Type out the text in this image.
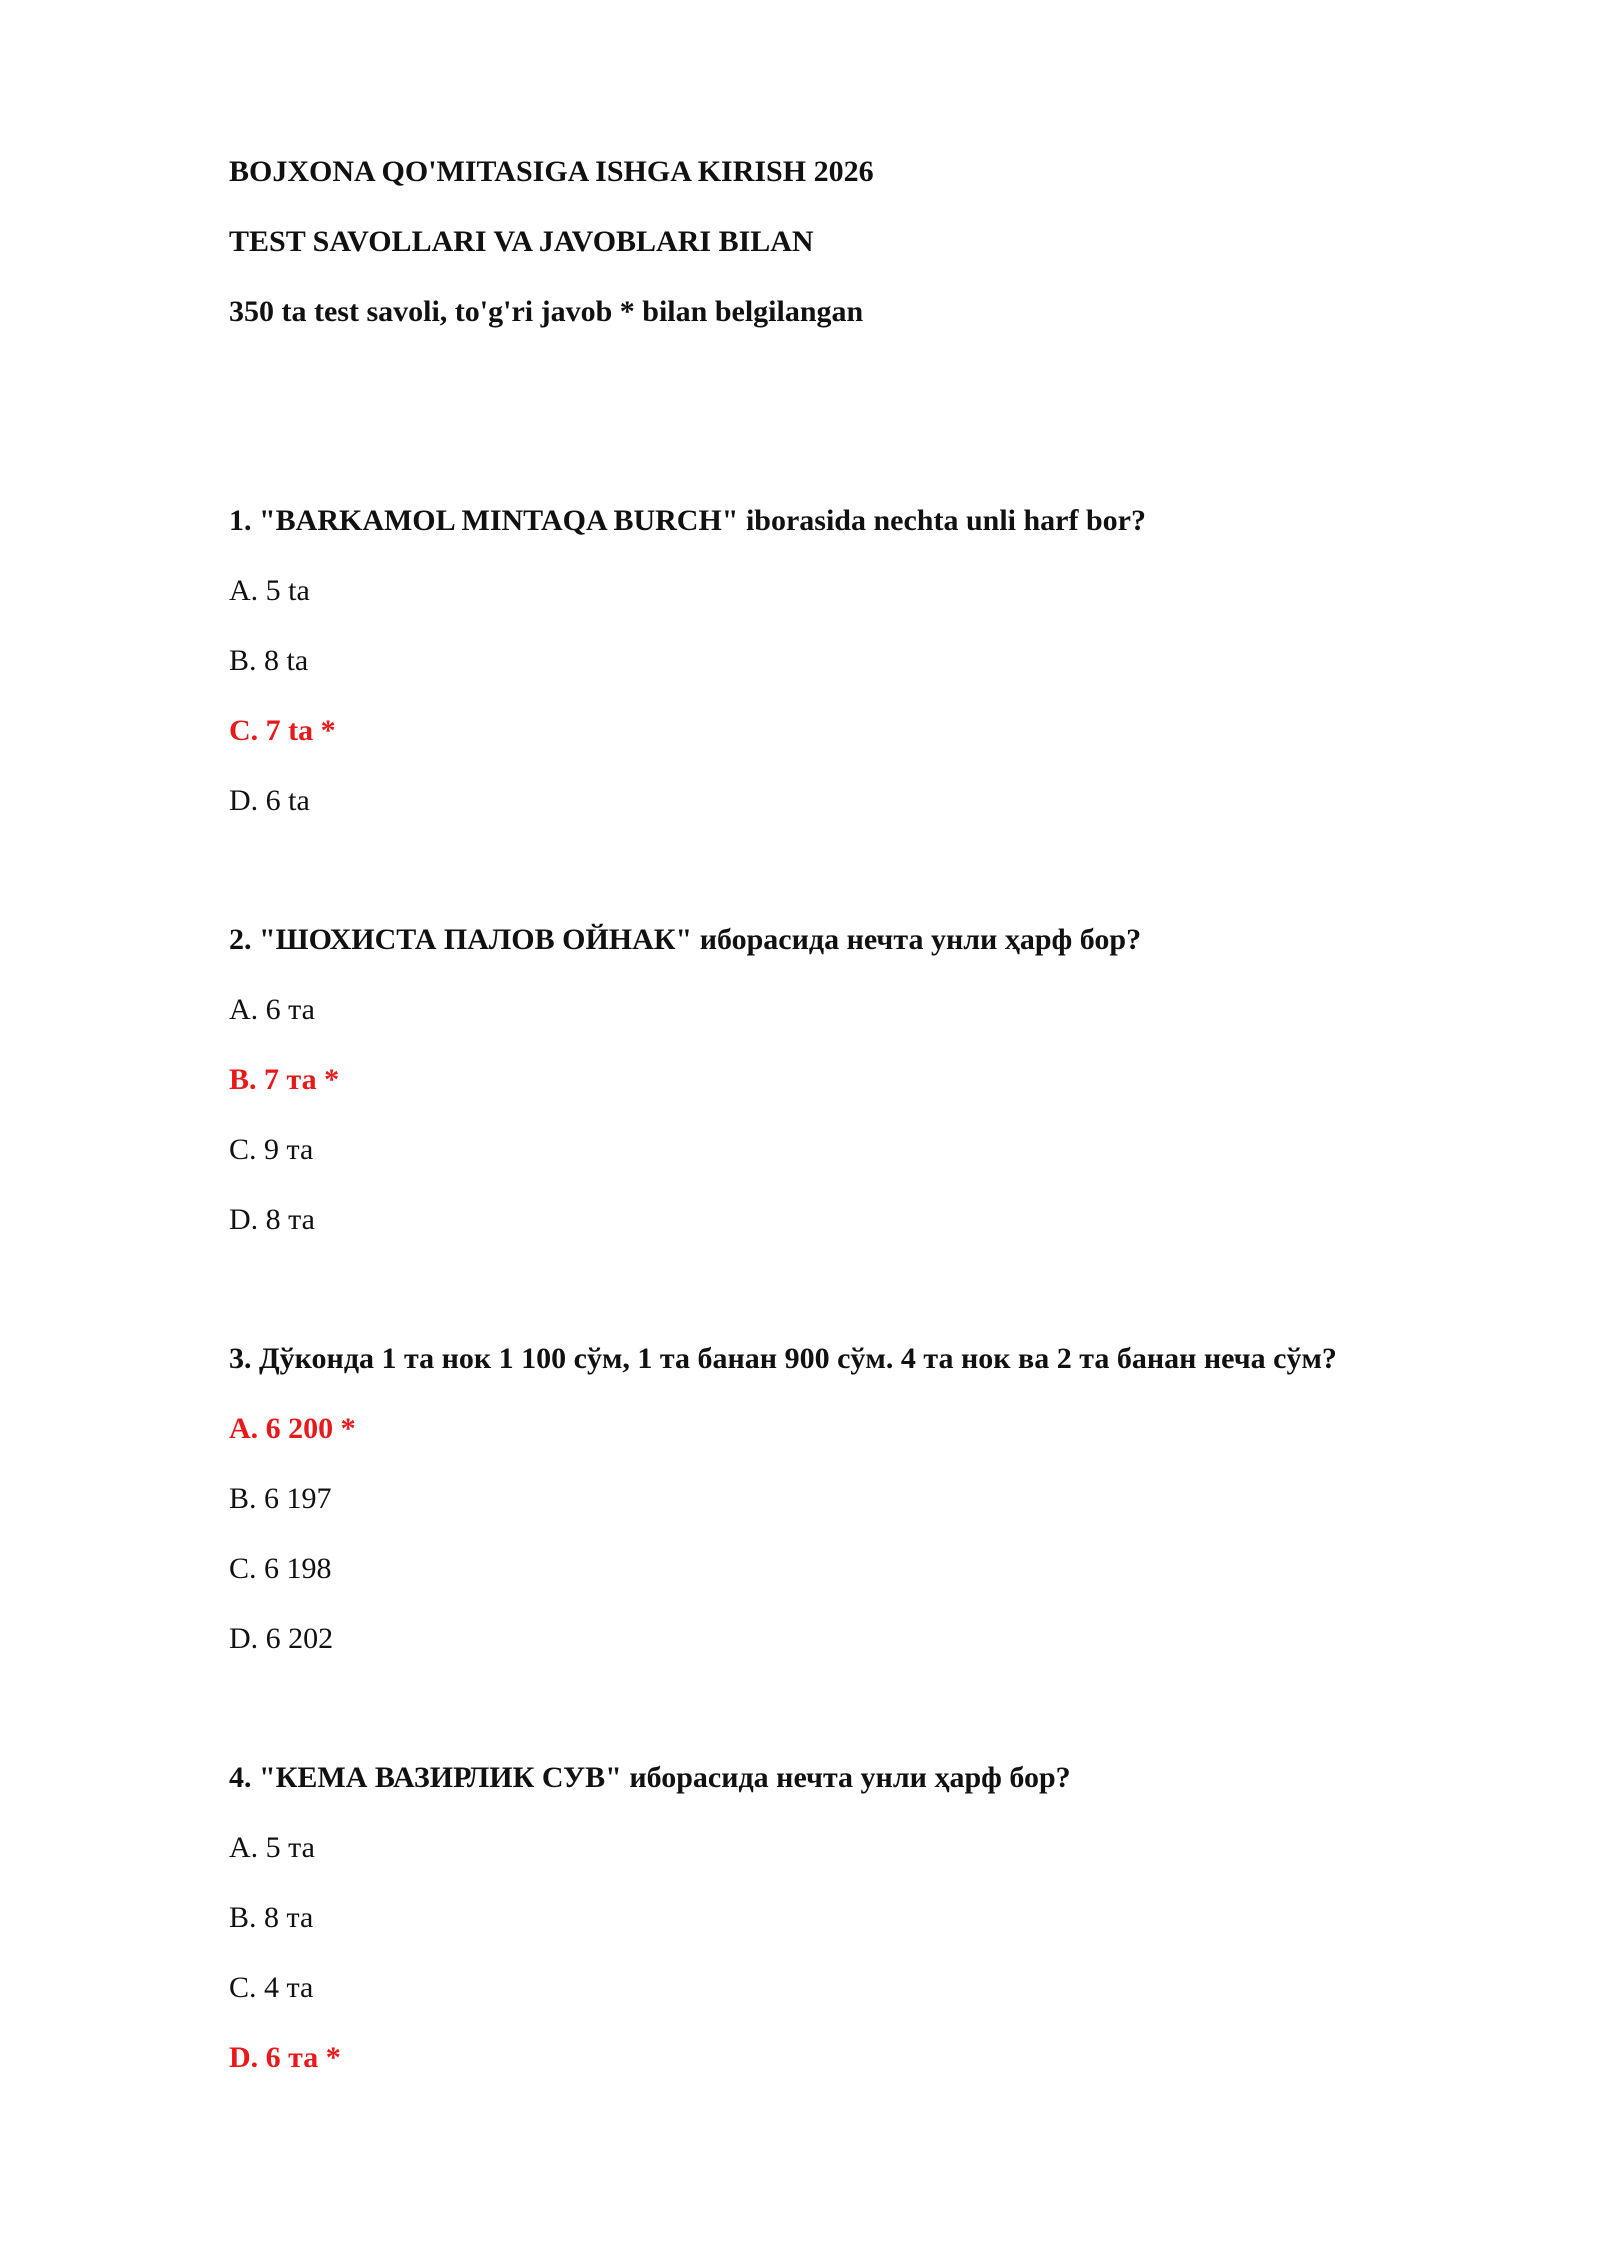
BOJXONA QO'MITASIGA ISHGA KIRISH 2026
TEST SAVOLLARI VA JAVOBLARI BILAN
350 ta test savoli, to'g'ri javob * bilan belgilangan
1. "BARKAMOL MINTAQA BURCH" iborasida nechta unli harf bor?
A. 5 ta
B. 8 ta
C. 7 ta *
D. 6 ta
2. "ШОХИСТА ПАЛОВ ОЙНАК" иборасида нечта унли ҳарф бор?
A. 6 та
B. 7 та *
C. 9 та
D. 8 та
3. Дўконда 1 та нок 1 100 сўм, 1 та банан 900 сўм. 4 та нок ва 2 та банан неча сўм?
A. 6 200 *
B. 6 197
C. 6 198
D. 6 202
4. "КЕМА ВАЗИРЛИК СУВ" иборасида нечта унли ҳарф бор?
A. 5 та
B. 8 та
C. 4 та
D. 6 та *
